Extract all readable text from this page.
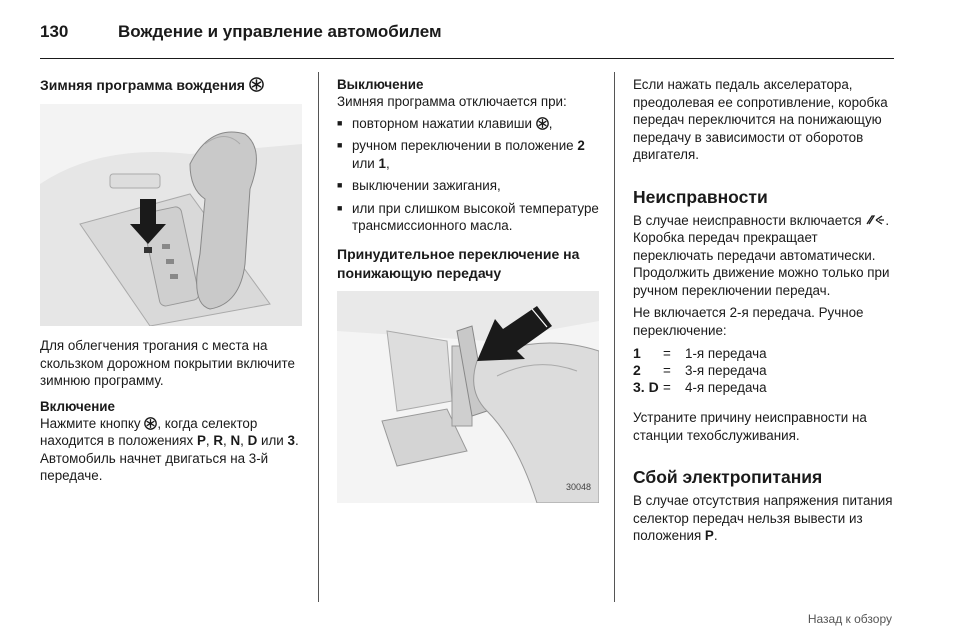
130	Вождение и управление автомобилем
Зимняя программа вождения

Для облегчения трогания с места на скользком дорожном покрытии включите зимнюю программу.

Включение

Нажмите кнопку , когда селектор находится в положениях P, R, N, D или 3. Автомобиль начнет двигаться на 3-й передаче.

Выключение

Зимняя программа отключается при:

■ повторном нажатии клавиши ,
■ ручном переключении в положение 2 или 1,
■ выключении зажигания,
■ или при слишком высокой температуре трансмиссионного масла.
Принудительное переключение на понижающую передачу
30048

Если нажать педаль акселератора, преодолевая ее сопротивление, коробка передач переключится на понижающую передачу в зависимости от оборотов двигателя.

Неисправности

В случае неисправности включается . Коробка передач прекращает переключать передачи автоматически. Продолжить движение можно только при ручном переключении передач.

Не включается 2-я передача. Ручное переключение:

1	=	1-я передача
2	=	3-я передача
3. D =	4-я передача

Устраните причину неисправности на станции техобслуживания.

Сбой электропитания

В случае отсутствия напряжения питания селектор передач нельзя вывести из положения P.

Назад к обзору
